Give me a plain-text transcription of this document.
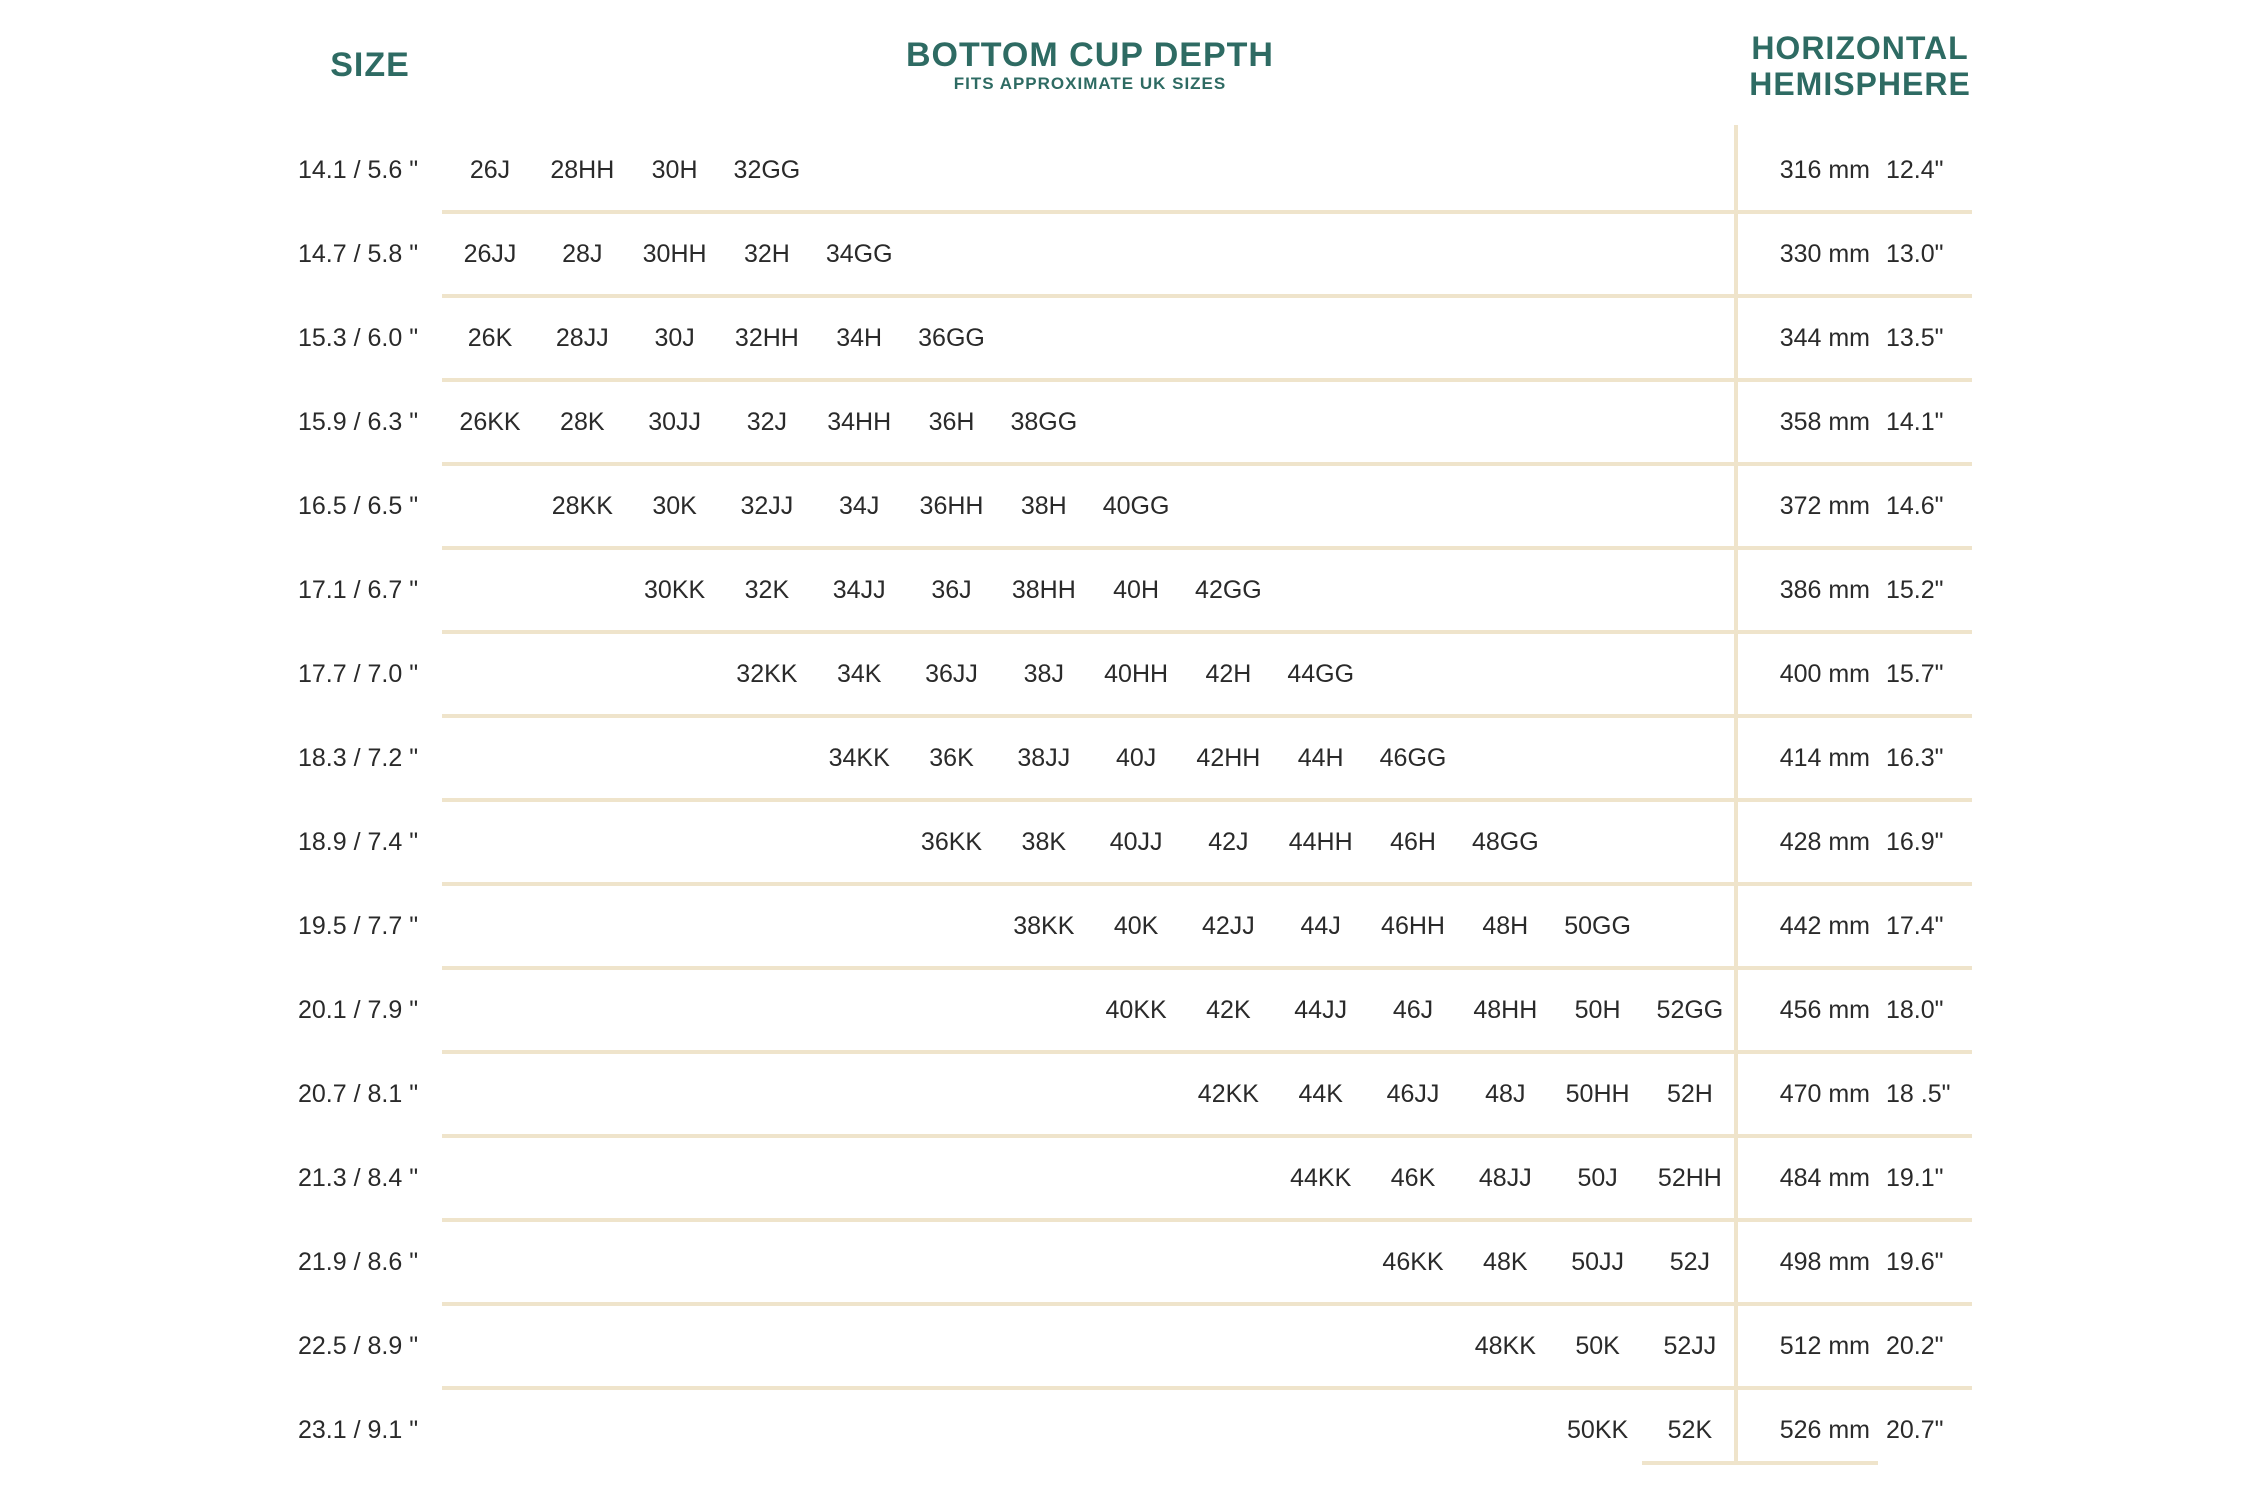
SIZE	BOTTOM CUP DEPTH
FITS APPROXIMATE UK SIZES
HORIZONTAL
HEMISPHERE
14.1 / 5.6 " 26J 28HH 30H 32GG	316 mm 12.4"
14.7 / 5.8 " 26JJ 28J 30HH 32H 34GG	330 mm 13.0"
15.3 / 6.0 " 26K 28JJ 30J 32HH 34H 36GG	344 mm 13.5"
15.9 / 6.3 " 26KK 28K 30JJ 32J 34HH 36H 38GG	358 mm 14.1"
16.5 / 6.5 "	28KK 30K 32JJ 34J 36HH 38H 40GG	372 mm 14.6"
17.1 / 6.7 "	30KK 32K 34JJ 36J 38HH 40H 42GG	386 mm 15.2"
17.7 / 7.0 "	32KK 34K 36JJ 38J 40HH 42H 44GG	400 mm 15.7"
18.3 / 7.2 "	34KK 36K 38JJ 40J 42HH 44H 46GG	414 mm 16.3"
18.9 / 7.4 "	36KK 38K 40JJ 42J 44HH 46H 48GG	428 mm 16.9"
19.5 / 7.7 "	38KK 40K 42JJ 44J 46HH 48H 50GG	442 mm 17.4"
20.1 / 7.9 "	40KK 42K 44JJ 46J 48HH 50H 52GG	456 mm 18.0"
20.7 / 8.1 "	42KK 44K 46JJ 48J 50HH 52H	470 mm 18 .5"
21.3 / 8.4 "	44KK 46K 48JJ 50J 52HH	484 mm 19.1"
21.9 / 8.6 "	46KK 48K 50JJ 52J	498 mm 19.6"
22.5 / 8.9 "	48KK 50K 52JJ	512 mm 20.2"
23.1 / 9.1 "	50KK 52K	526 mm 20.7"
